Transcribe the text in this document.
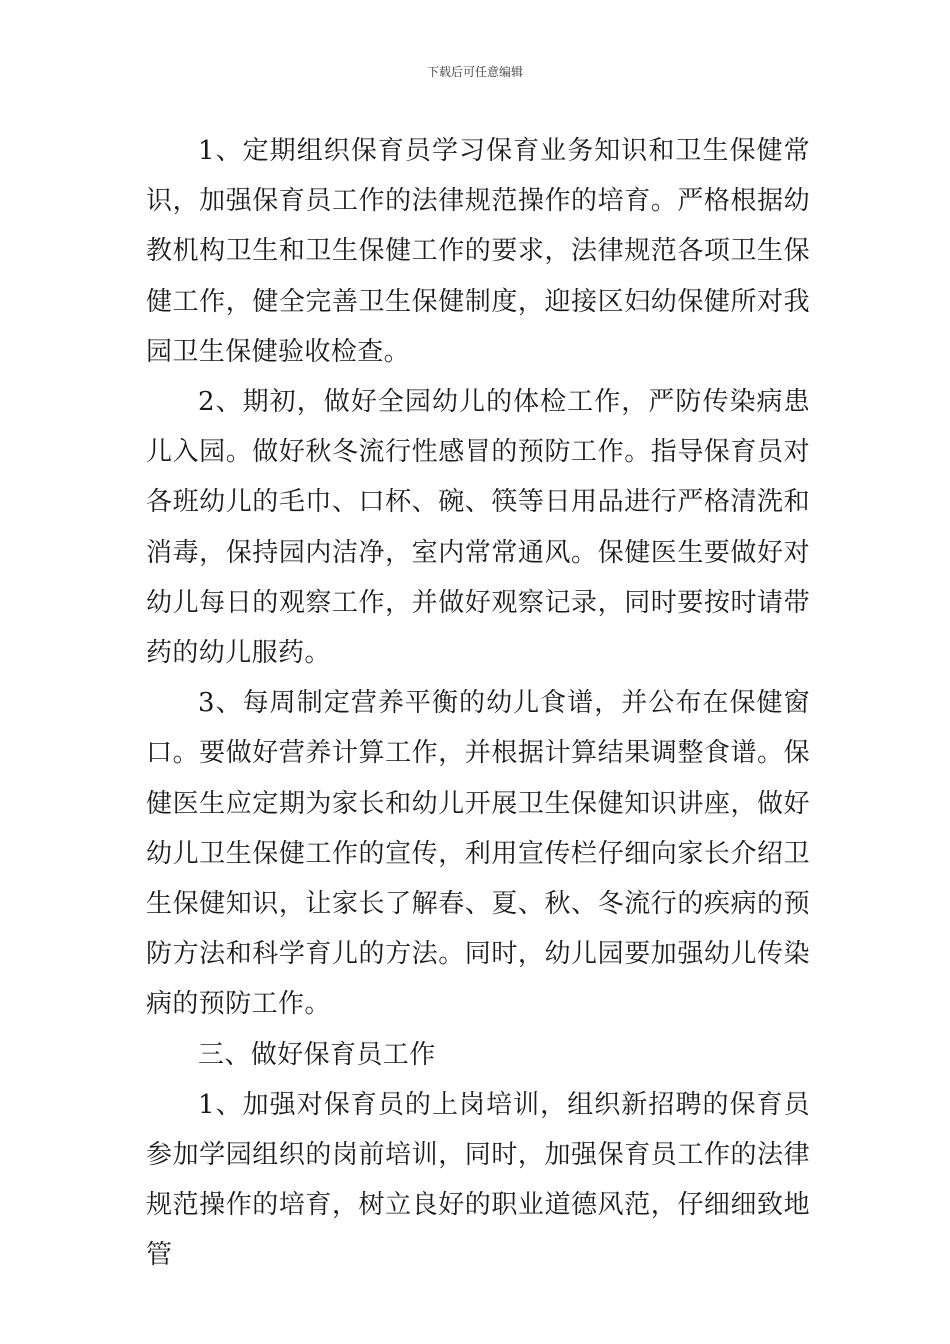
下载后可任意编辑

1、定期组织保育员学习保育业务知识和卫生保健常识，加强保育员工作的法律规范操作的培育。严格根据幼教机构卫生和卫生保健工作的要求，法律规范各项卫生保健工作，健全完善卫生保健制度，迎接区妇幼保健所对我园卫生保健验收检查。

2、期初，做好全园幼儿的体检工作，严防传染病患儿入园。做好秋冬流行性感冒的预防工作。指导保育员对各班幼儿的毛巾、口杯、碗、筷等日用品进行严格清洗和消毒，保持园内洁净，室内常常通风。保健医生要做好对幼儿每日的观察工作，并做好观察记录，同时要按时请带药的幼儿服药。

3、每周制定营养平衡的幼儿食谱，并公布在保健窗口。要做好营养计算工作，并根据计算结果调整食谱。保健医生应定期为家长和幼儿开展卫生保健知识讲座，做好幼儿卫生保健工作的宣传，利用宣传栏仔细向家长介绍卫生保健知识，让家长了解春、夏、秋、冬流行的疾病的预防方法和科学育儿的方法。同时，幼儿园要加强幼儿传染病的预防工作。

三、做好保育员工作

1、加强对保育员的上岗培训，组织新招聘的保育员参加学园组织的岗前培训，同时，加强保育员工作的法律规范操作的培育，树立良好的职业道德风范，仔细细致地管
